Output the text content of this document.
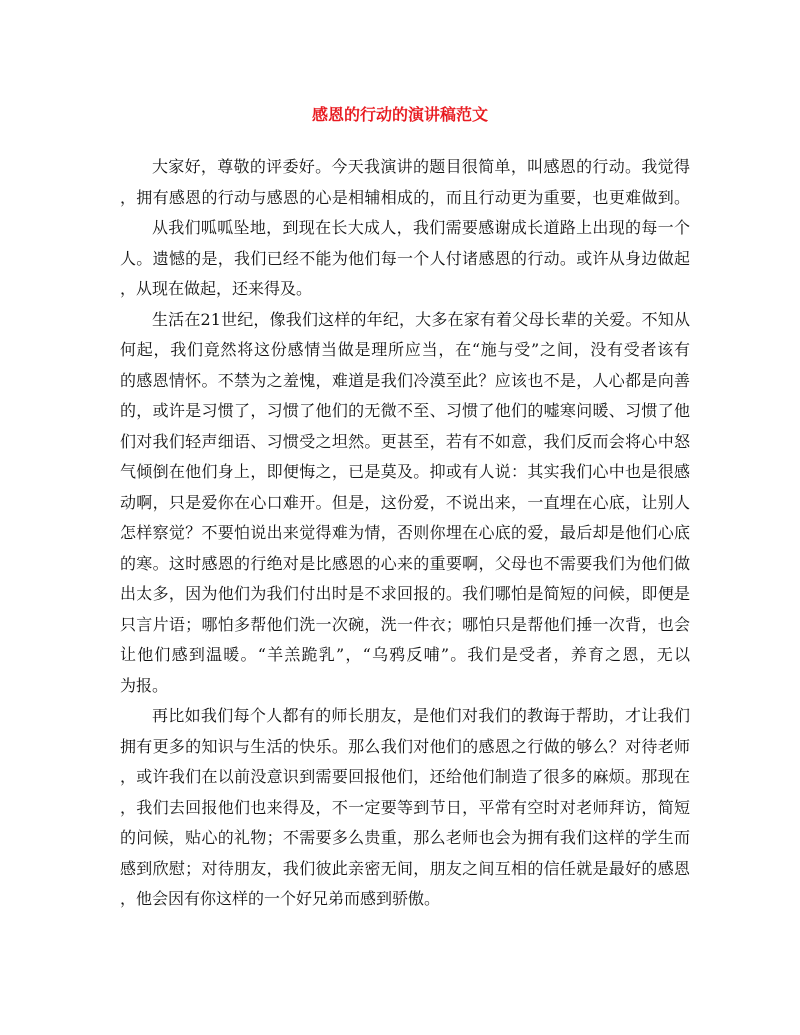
感恩的行动的演讲稿范文
大家好，尊敬的评委好。今天我演讲的题目很简单，叫感恩的行动。我觉得
，拥有感恩的行动与感恩的心是相辅相成的，而且行动更为重要，也更难做到。
从我们呱呱坠地，到现在长大成人，我们需要感谢成长道路上出现的每一个
人。遗憾的是，我们已经不能为他们每一个人付诸感恩的行动。或许从身边做起
，从现在做起，还来得及。
生活在21世纪，像我们这样的年纪，大多在家有着父母长辈的关爱。不知从
何起，我们竟然将这份感情当做是理所应当，在“施与受”之间，没有受者该有
的感恩情怀。不禁为之羞愧，难道是我们冷漠至此？应该也不是，人心都是向善
的，或许是习惯了，习惯了他们的无微不至、习惯了他们的嘘寒问暖、习惯了他
们对我们轻声细语、习惯受之坦然。更甚至，若有不如意，我们反而会将心中怒
气倾倒在他们身上，即便悔之，已是莫及。抑或有人说：其实我们心中也是很感
动啊，只是爱你在心口难开。但是，这份爱，不说出来，一直埋在心底，让别人
怎样察觉？不要怕说出来觉得难为情，否则你埋在心底的爱，最后却是他们心底
的寒。这时感恩的行绝对是比感恩的心来的重要啊，父母也不需要我们为他们做
出太多，因为他们为我们付出时是不求回报的。我们哪怕是简短的问候，即便是
只言片语；哪怕多帮他们洗一次碗，洗一件衣；哪怕只是帮他们捶一次背，也会
让他们感到温暖。“羊羔跪乳”，“乌鸦反哺”。我们是受者，养育之恩，无以
为报。
再比如我们每个人都有的师长朋友，是他们对我们的教诲于帮助，才让我们
拥有更多的知识与生活的快乐。那么我们对他们的感恩之行做的够么？对待老师
，或许我们在以前没意识到需要回报他们，还给他们制造了很多的麻烦。那现在
，我们去回报他们也来得及，不一定要等到节日，平常有空时对老师拜访，简短
的问候，贴心的礼物；不需要多么贵重，那么老师也会为拥有我们这样的学生而
感到欣慰；对待朋友，我们彼此亲密无间，朋友之间互相的信任就是最好的感恩
，他会因有你这样的一个好兄弟而感到骄傲。
